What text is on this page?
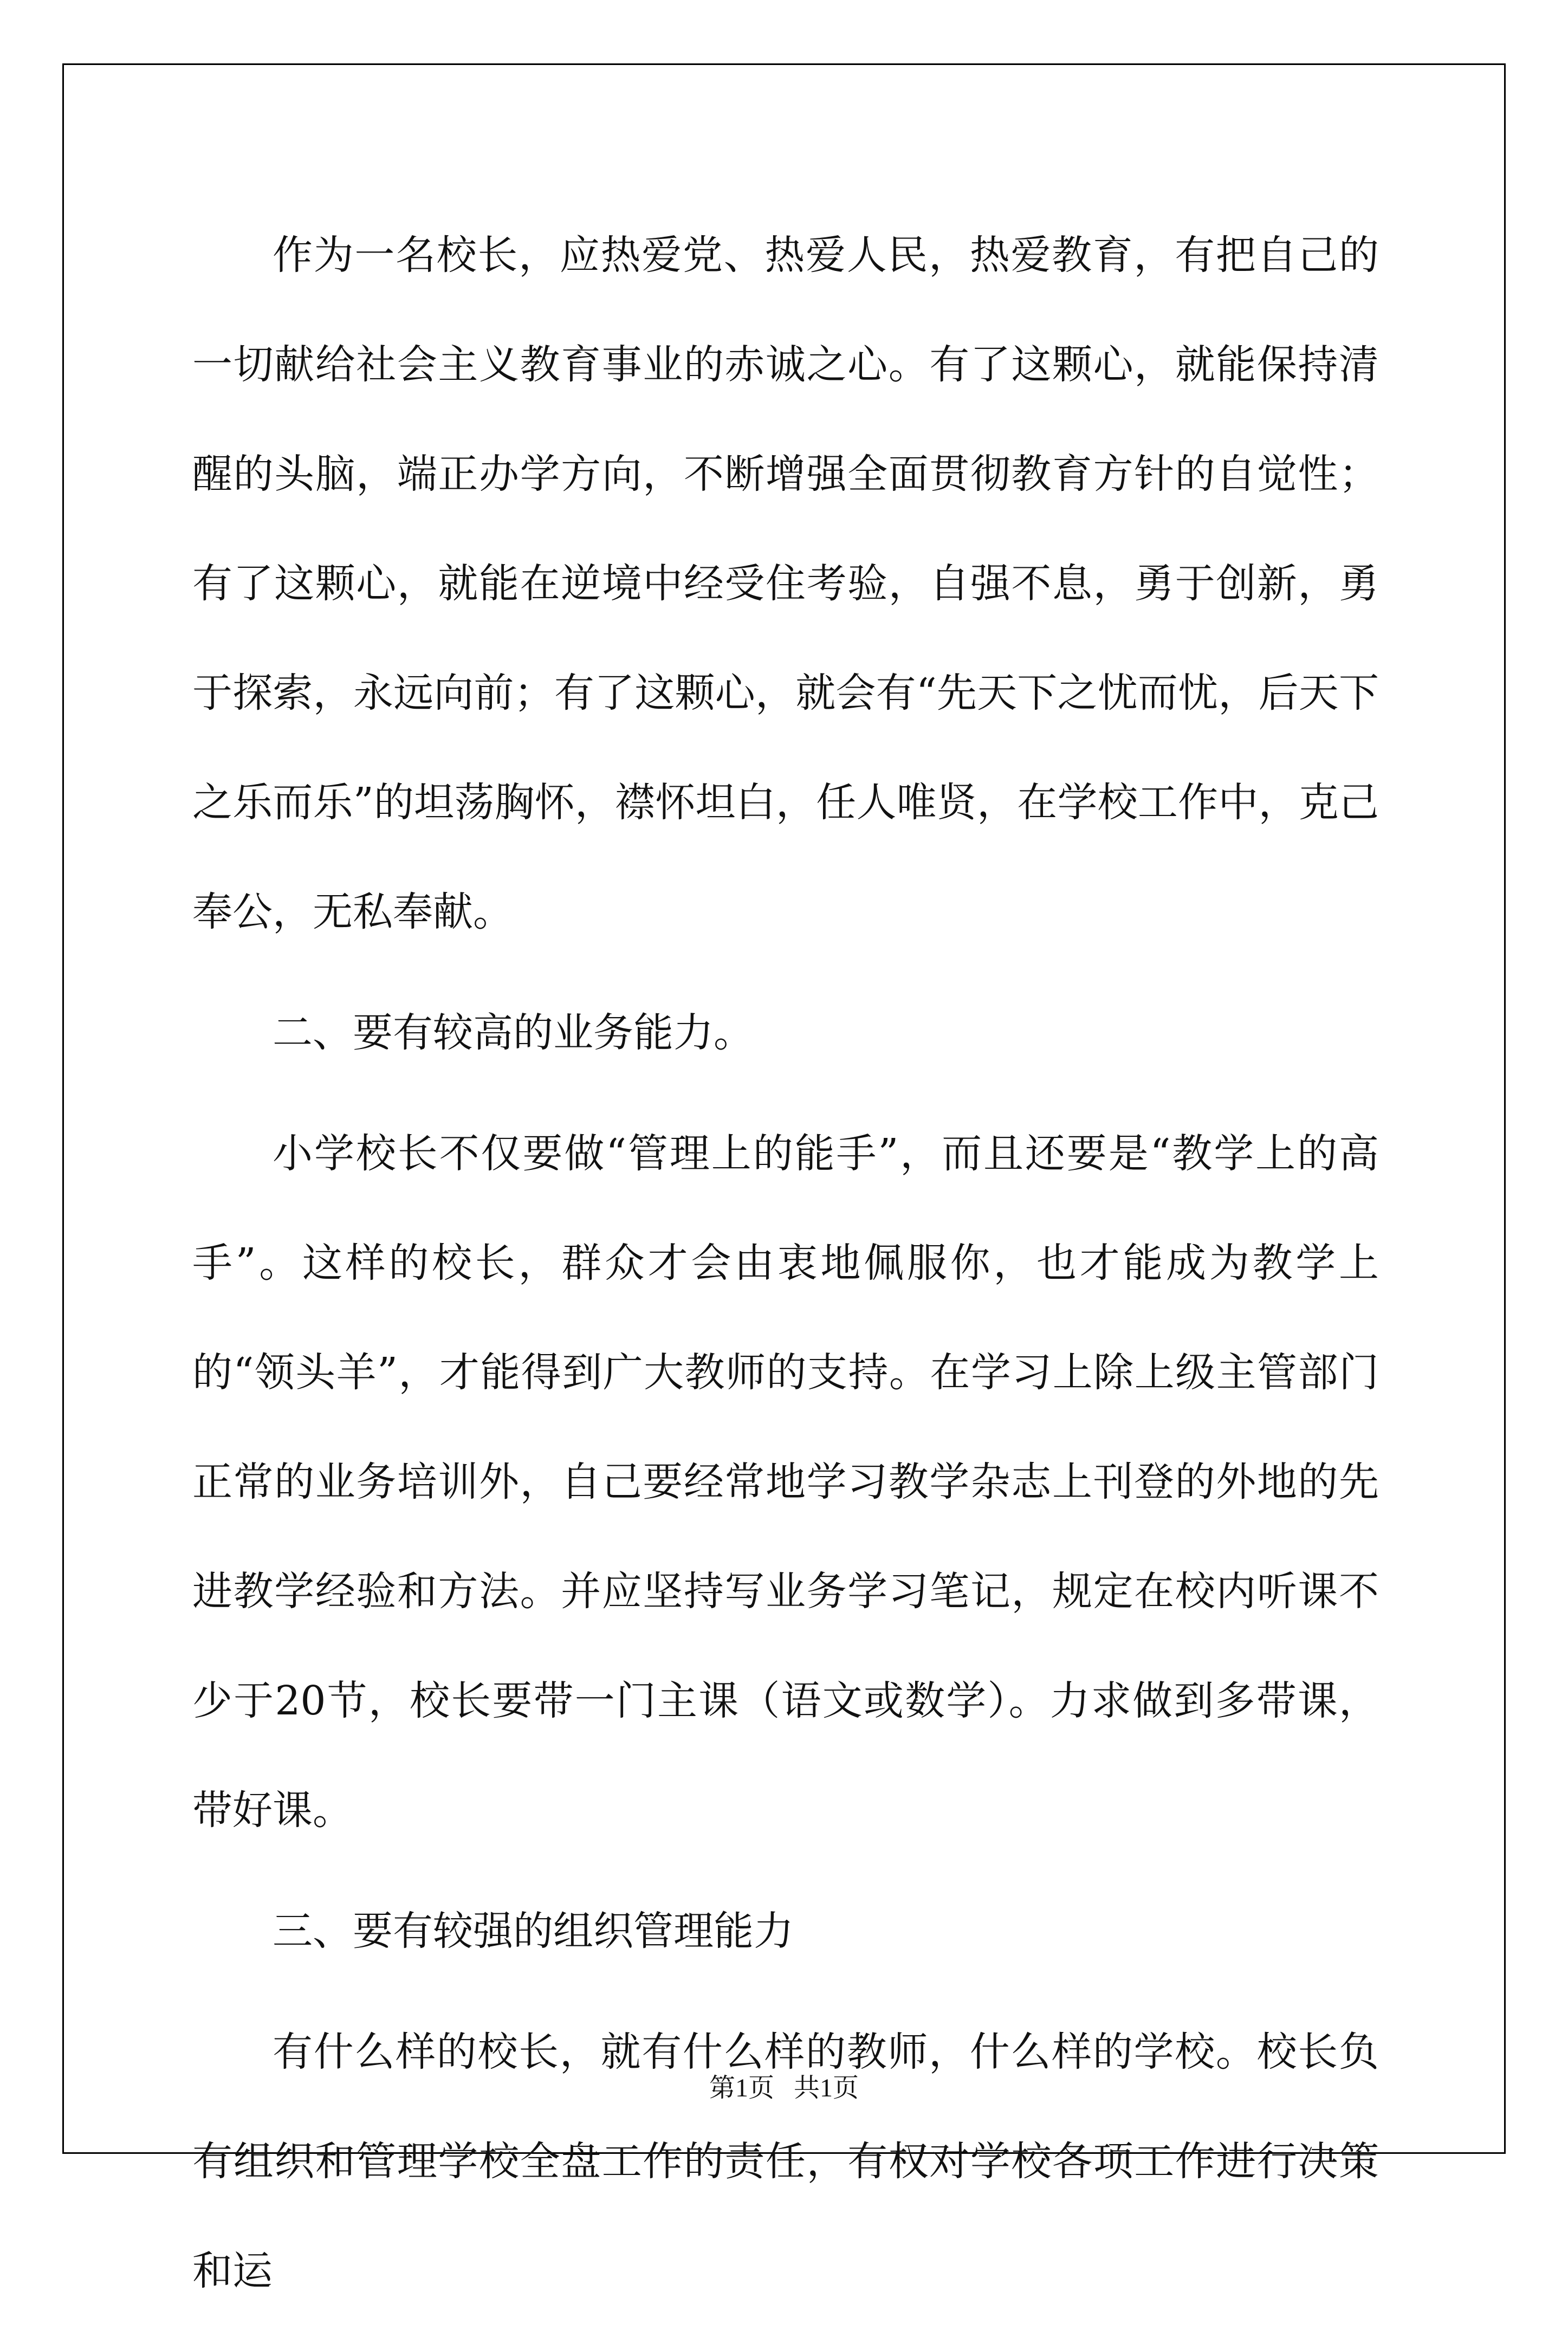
作为一名校长，应热爱党、热爱人民，热爱教育，有把自己的一切献给社会主义教育事业的赤诚之心。有了这颗心，就能保持清醒的头脑，端正办学方向，不断增强全面贯彻教育方针的自觉性；有了这颗心，就能在逆境中经受住考验，自强不息，勇于创新，勇于探索，永远向前；有了这颗心，就会有“先天下之忧而忧，后天下之乐而乐”的坦荡胸怀，襟怀坦白，任人唯贤，在学校工作中，克己奉公，无私奉献。

二、要有较高的业务能力。

小学校长不仅要做“管理上的能手”，而且还要是“教学上的高手”。这样的校长，群众才会由衷地佩服你，也才能成为教学上的“领头羊”，才能得到广大教师的支持。在学习上除上级主管部门正常的业务培训外，自己要经常地学习教学杂志上刊登的外地的先进教学经验和方法。并应坚持写业务学习笔记，规定在校内听课不少于20节，校长要带一门主课（语文或数学）。力求做到多带课，带好课。

三、要有较强的组织管理能力

有什么样的校长，就有什么样的教师，什么样的学校。校长负有组织和管理学校全盘工作的责任，有权对学校各项工作进行决策和运

第1页   共1页
